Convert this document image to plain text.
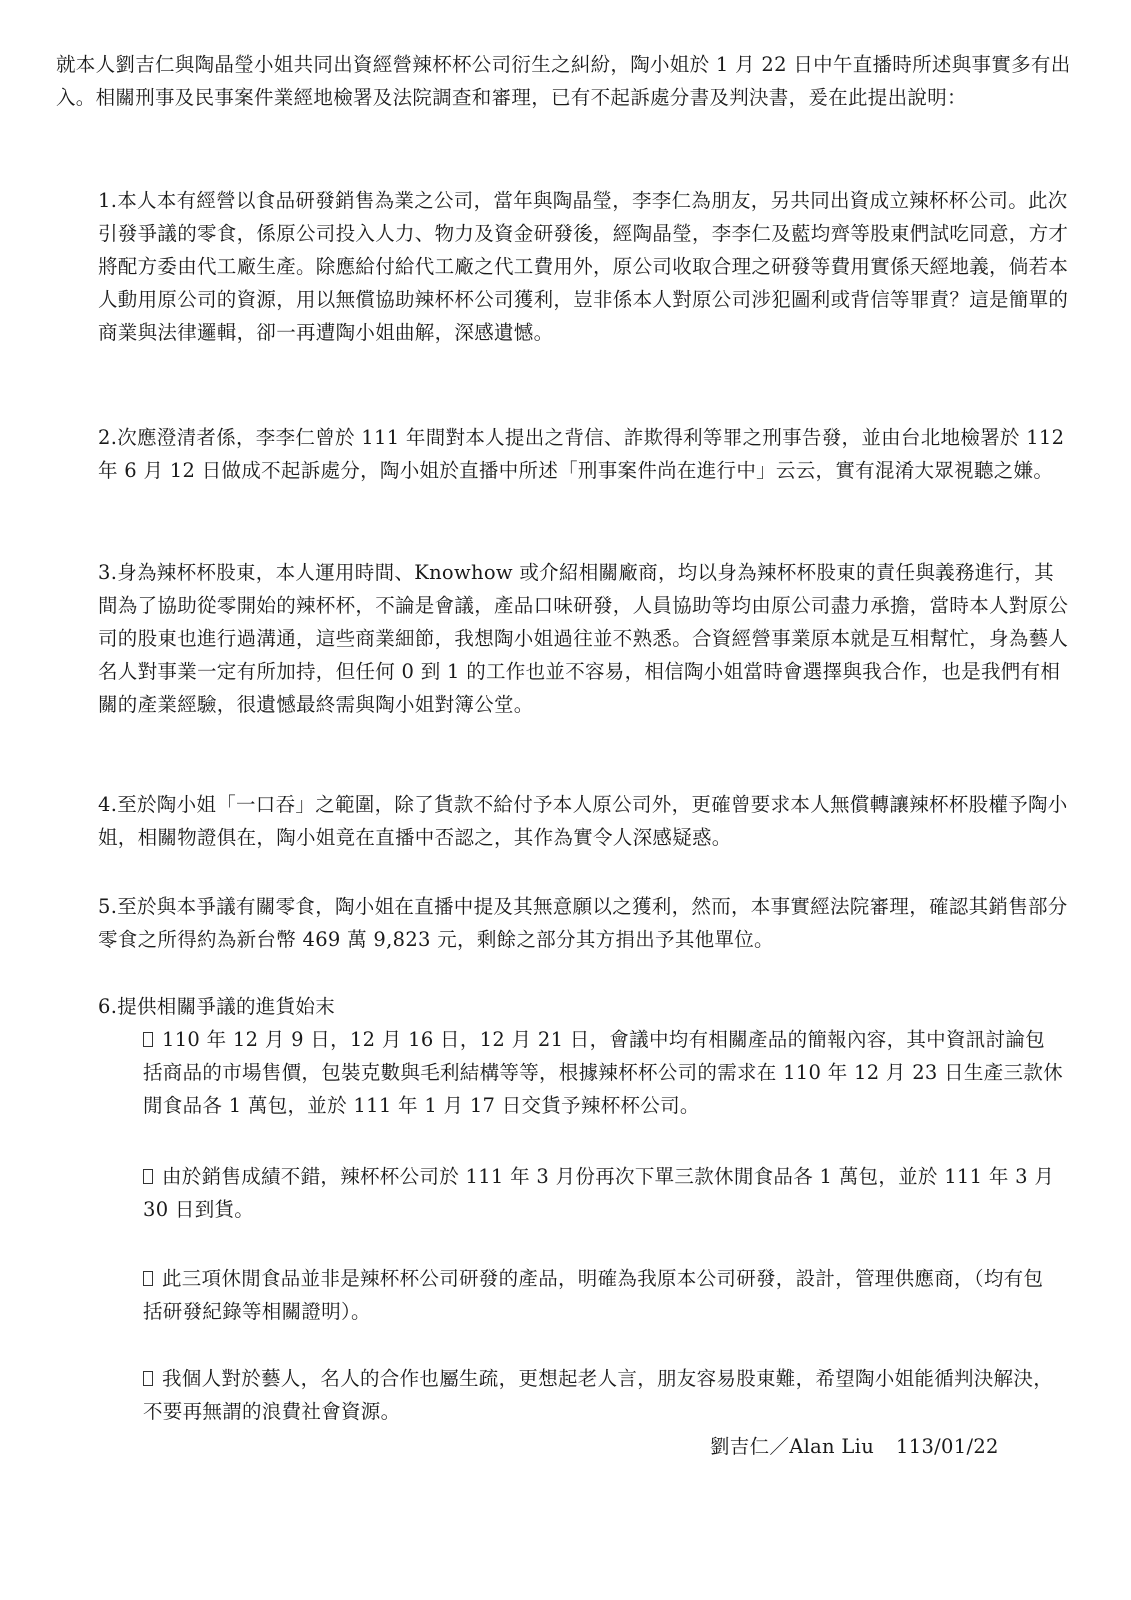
就本人劉吉仁與陶晶瑩小姐共同出資經營辣杯杯公司衍生之糾紛，陶小姐於 1 月 22 日中午直播時所述與事實多有出入。相關刑事及民事案件業經地檢署及法院調查和審理，已有不起訴處分書及判決書，爰在此提出說明：

1.本人本有經營以食品研發銷售為業之公司，當年與陶晶瑩，李李仁為朋友，另共同出資成立辣杯杯公司。此次引發爭議的零食，係原公司投入人力、物力及資金研發後，經陶晶瑩，李李仁及藍均齊等股東們試吃同意，方才將配方委由代工廠生產。除應給付給代工廠之代工費用外，原公司收取合理之研發等費用實係天經地義，倘若本人動用原公司的資源，用以無償協助辣杯杯公司獲利，豈非係本人對原公司涉犯圖利或背信等罪責？這是簡單的商業與法律邏輯，卻一再遭陶小姐曲解，深感遺憾。

2.次應澄清者係，李李仁曾於 111 年間對本人提出之背信、詐欺得利等罪之刑事告發，並由台北地檢署於 112 年 6 月 12 日做成不起訴處分，陶小姐於直播中所述「刑事案件尚在進行中」云云，實有混淆大眾視聽之嫌。

3.身為辣杯杯股東，本人運用時間、Knowhow 或介紹相關廠商，均以身為辣杯杯股東的責任與義務進行，其間為了協助從零開始的辣杯杯，不論是會議，產品口味研發，人員協助等均由原公司盡力承擔，當時本人對原公司的股東也進行過溝通，這些商業細節，我想陶小姐過往並不熟悉。合資經營事業原本就是互相幫忙，身為藝人名人對事業一定有所加持，但任何 0 到 1 的工作也並不容易，相信陶小姐當時會選擇與我合作，也是我們有相關的產業經驗，很遺憾最終需與陶小姐對簿公堂。

4.至於陶小姐「一口吞」之範圍，除了貨款不給付予本人原公司外，更確曾要求本人無償轉讓辣杯杯股權予陶小姐，相關物證俱在，陶小姐竟在直播中否認之，其作為實令人深感疑惑。

5.至於與本爭議有關零食，陶小姐在直播中提及其無意願以之獲利，然而，本事實經法院審理，確認其銷售部分零食之所得約為新台幣 469 萬 9,823 元，剩餘之部分其方捐出予其他單位。

6.提供相關爭議的進貨始末

110 年 12 月 9 日，12 月 16 日，12 月 21 日，會議中均有相關產品的簡報內容，其中資訊討論包括商品的市場售價，包裝克數與毛利結構等等，根據辣杯杯公司的需求在 110 年 12 月 23 日生產三款休閒食品各 1 萬包，並於 111 年 1 月 17 日交貨予辣杯杯公司。

由於銷售成績不錯，辣杯杯公司於 111 年 3 月份再次下單三款休閒食品各 1 萬包，並於 111 年 3 月 30 日到貨。

此三項休閒食品並非是辣杯杯公司研發的產品，明確為我原本公司研發，設計，管理供應商，（均有包括研發紀錄等相關證明）。

我個人對於藝人，名人的合作也屬生疏，更想起老人言，朋友容易股東難，希望陶小姐能循判決解決，不要再無謂的浪費社會資源。

劉吉仁／Alan Liu 113/01/22
